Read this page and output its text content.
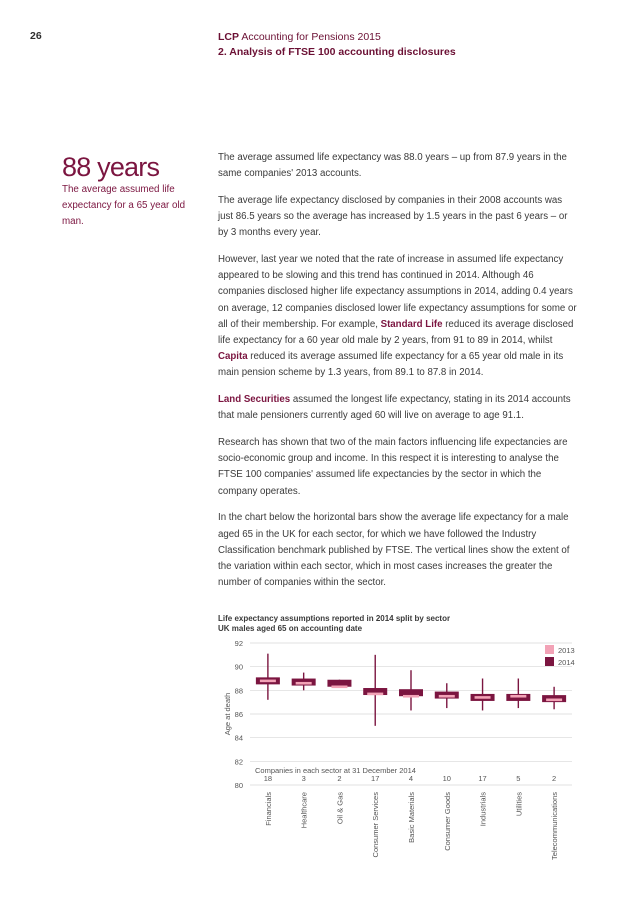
26	LCP Accounting for Pensions 2015
2. Analysis of FTSE 100 accounting disclosures
88 years
The average assumed life expectancy for a 65 year old man.

The average assumed life expectancy was 88.0 years – up from 87.9 years in the same companies' 2013 accounts.

The average life expectancy disclosed by companies in their 2008 accounts was just 86.5 years so the average has increased by 1.5 years in the past 6 years – or by 3 months every year.

However, last year we noted that the rate of increase in assumed life expectancy appeared to be slowing and this trend has continued in 2014. Although 46 companies disclosed higher life expectancy assumptions in 2014, adding 0.4 years on average, 12 companies disclosed lower life expectancy assumptions for some or all of their membership. For example, Standard Life reduced its average disclosed life expectancy for a 60 year old male by 2 years, from 91 to 89 in 2014, whilst Capita reduced its average assumed life expectancy for a 65 year old male in its main pension scheme by 1.3 years, from 89.1 to 87.8 in 2014.

Land Securities assumed the longest life expectancy, stating in its 2014 accounts that male pensioners currently aged 60 will live on average to age 91.1.

Research has shown that two of the main factors influencing life expectancies are socio-economic group and income. In this respect it is interesting to analyse the FTSE 100 companies' assumed life expectancies by the sector in which the company operates.

In the chart below the horizontal bars show the average life expectancy for a male aged 65 in the UK for each sector, for which we have followed the Industry Classification benchmark published by FTSE. The vertical lines show the extent of the variation within each sector, which in most cases increases the greater the number of companies within the sector.

Life expectancy assumptions reported in 2014 split by sector
UK males aged 65 on accounting date
80
82
84
86
88
90
92
Age at death
18
Financials
3
Healthcare
2
Oil & Gas
17
Consumer Services
4
Basic Materials
10
Consumer Goods
17
Industrials
5
Utilities
2
Telecommunications
Companies in each sector at 31 December 2014
2013
2014
